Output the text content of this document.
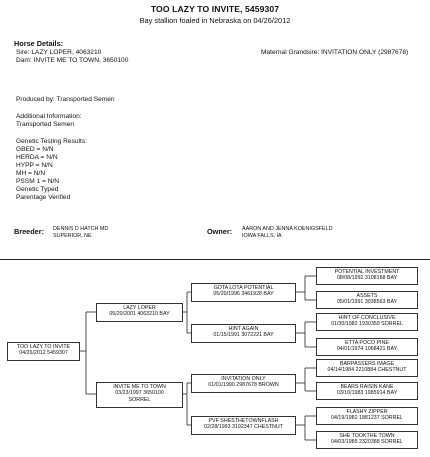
TOO LAZY TO INVITE, 5459307
Bay stallion foaled in Nebraska on 04/26/2012
Horse Details:
Sire: LAZY LOPER, 4063210
Dam: INVITE ME TO TOWN, 3650100
Maternal Grandsire: INVITATION ONLY (2987678)
Produced by: Transported Semen
Additional Information:
Transported Semen
Genetic Testing Results:
GBED = N/N
HERDA = N/N
HYPP = N/N
MH = N/N
PSSM 1 = N/N
Genetic Typed
Parentage Verified
Breeder: DENNIS D HATCH MD
SUPERIOR, NE	Owner: AARON AND JENNA KOENIGSFELD
IOWA FALLS, IA
TOO LAZY TO INVITE
04/26/2012 5459307
LAZY LOPER
05/20/2001 4063210 BAY
INVITE ME TO TOWN
03/23/1997 3650100
SORREL
GOTA LOTA POTENTIAL
05/20/1996 3461928 BAY
HINT AGAIN
01/15/1991 3072221 BAY
INVITATION ONLY
01/01/1990 2987678 BROWN
PVF SHESTHETOWNFLASH
02/28/1993 3192347 CHESTNUT
POTENTIAL INVESTMENT
08/08/1992 3108168 BAY
ASSETS
05/01/1991 3038563 BAY
HINT OF CONCLUSIVE
01/30/1982 1930359 SORREL
ETTA POCO PINE
04/01/1974 1068421 BAY
BARPASSERS IMAGE
04/14/1984 2210884 CHESTNUT
BEARS RAISIN KANE
03/10/1983 1985914 BAY
FLASHY ZIPPER
04/19/1982 1881237 SORREL
SHE TOOKTHE TOWN
04/03/1985 2320388 SORREL
